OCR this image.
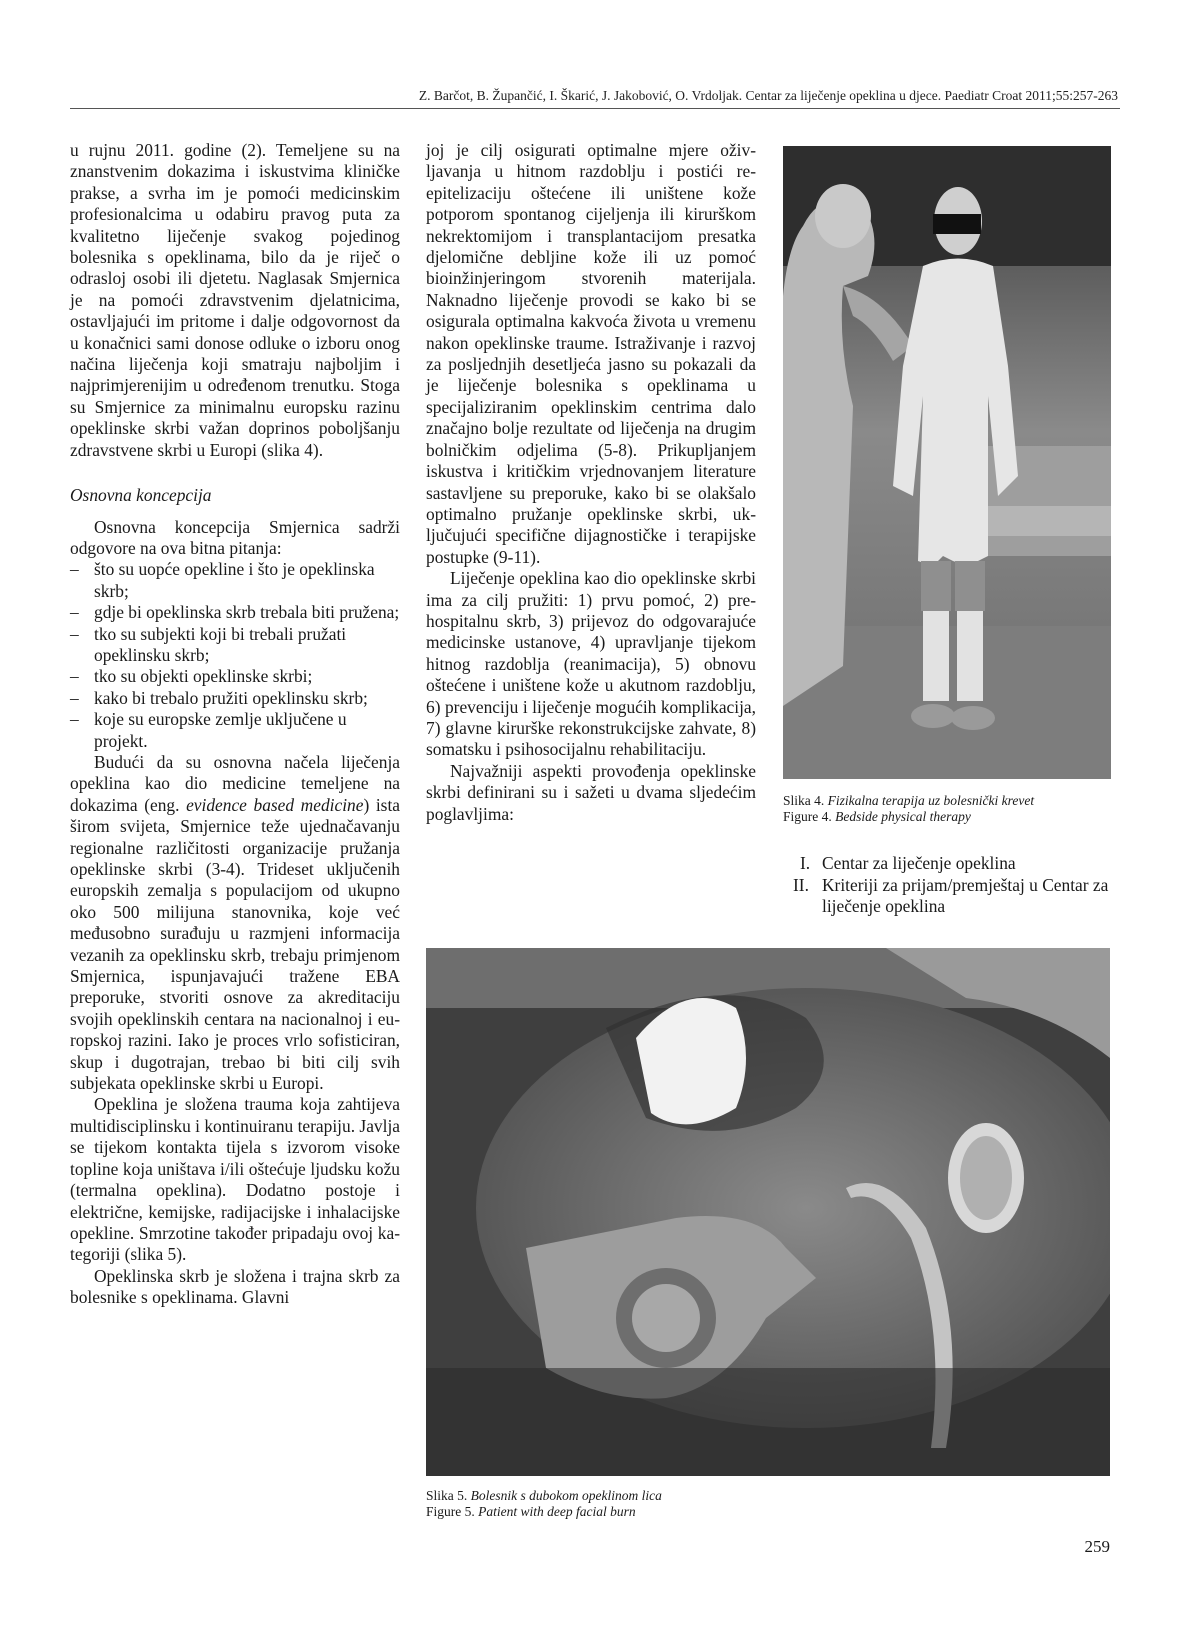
Z. Barčot, B. Župančić, I. Škarić, J. Jakobović, O. Vrdoljak. Centar za liječenje opeklina u djece. Paediatr Croat 2011;55:257-263

u rujnu 2011. godine (2). Temeljene su na znanstvenim dokazima i iskustvima kliničke prakse, a svrha im je pomoći medicinskim profesionalcima u odabiru pravog puta za kvalitetno liječenje svakog pojedinog bolesnika s opeklinama, bilo da je riječ o odrasloj osobi ili djetetu. Naglasak Smjernica je na pomoći zdravstvenim djelatnicima, ostavljajući im pritome i dalje odgovornost da u konačnici sami donose odluke o izboru onog načina liječenja koji smatraju najboljim i najprimjerenijim u određenom trenutku. Stoga su Smjernice za minimalnu europsku razinu opeklinske skrbi važan doprinos poboljšanju zdravstvene skrbi u Europi (slika 4).

Osnovna koncepcija

Osnovna koncepcija Smjernica sadrži odgovore na ova bitna pitanja:

– što su uopće opekline i što je opeklinska skrb;
– gdje bi opeklinska skrb trebala biti pružena;
– tko su subjekti koji bi trebali pružati opeklinsku skrb;
– tko su objekti opeklinske skrbi;
– kako bi trebalo pružiti opeklinsku skrb;
– koje su europske zemlje uključene u projekt.

Budući da su osnovna načela liječenja opeklina kao dio medicine temeljene na dokazima (eng. evidence based medicine) ista širom svijeta, Smjernice teže ujednačavanju regionalne različitosti organizacije pružanja opeklinske skrbi (3-4). Trideset uključenih europskih zemalja s populacijom od ukupno oko 500 milijuna stanovnika, koje već međusobno surađuju u razmjeni informacija vezanih za opeklinsku skrb, trebaju primjenom Smjernica, ispunjavajući tražene EBA preporuke, stvoriti osnove za akreditaciju svojih opeklinskih centara na nacionalnoj i europskoj razini. Iako je proces vrlo sofisticiran, skup i dugotrajan, trebao bi biti cilj svih subjekata opeklinske skrbi u Europi.

Opeklina je složena trauma koja zahtijeva multidisciplinsku i kontinuiranu terapiju. Javlja se tijekom kontakta tijela s izvorom visoke topline koja uništava i/ili oštećuje ljudsku kožu (termalna opeklina). Dodatno postoje i električne, kemijske, radijacijske i inhalacijske opekline. Smrzotine također pripadaju ovoj kategoriji (slika 5).

Opeklinska skrb je složena i trajna skrb za bolesnike s opeklinama. Glavni

joj je cilj osigurati optimalne mjere oživljavanja u hitnom razdoblju i postići reepitelizaciju oštećene ili uništene kože potporom spontanog cijeljenja ili kirurškom nekrektomijom i transplantacijom presatka djelomične debljine kože ili uz pomoć bioinžinjeringom stvorenih materijala. Naknadno liječenje provodi se kako bi se osigurala optimalna kakvoća života u vremenu nakon opeklinske traume. Istraživanje i razvoj za posljednjih desetljeća jasno su pokazali da je liječenje bolesnika s opeklinama u specijaliziranim opeklinskim centrima dalo značajno bolje rezultate od liječenja na drugim bolničkim odjelima (5-8). Prikupljanjem iskustva i kritičkim vrjednovanjem literature sastavljene su preporuke, kako bi se olakšalo optimalno pružanje opeklinske skrbi, uključujući specifične dijagnostičke i terapijske postupke (9-11).

Liječenje opeklina kao dio opeklinske skrbi ima za cilj pružiti: 1) prvu pomoć, 2) pre-hospitalnu skrb, 3) prijevoz do odgovarajuće medicinske ustanove, 4) upravljanje tijekom hitnog razdoblja (reanimacija), 5) obnovu oštećene i uništene kože u akutnom razdoblju, 6) prevenciju i liječenje mogućih komplikacija, 7) glavne kirurške rekonstrukcijske zahvate, 8) somatsku i psihosocijalnu rehabilitaciju.

Najvažniji aspekti provođenja opeklinske skrbi definirani su i sažeti u dvama sljedećim poglavljima:

Slika 4. Fizikalna terapija uz bolesnički krevet
Figure 4. Bedside physical therapy
I. Centar za liječenje opeklina
II. Kriteriji za prijam/premještaj u Centar za liječenje opeklina
Slika 5. Bolesnik s dubokom opeklinom lica
Figure 5. Patient with deep facial burn
259
